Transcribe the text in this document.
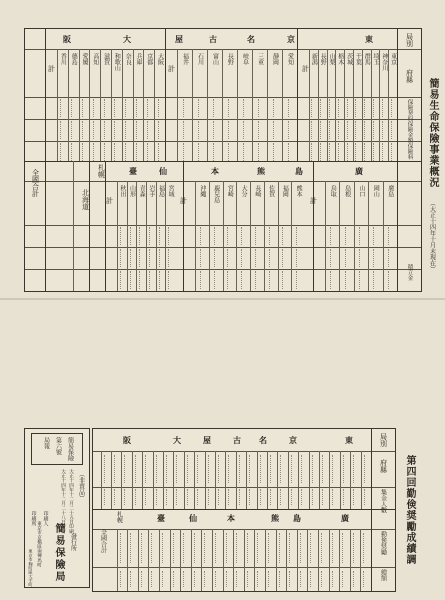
局別
府縣
保險契約
保險金額
保險料
積立金
東
京
名
古
屋
大
阪
廣
島
熊
本
仙
臺
札幌
計
計
計
計
計
計
北海道
全國合計
東京
神奈川
埼玉
群馬
千葉
茨城
栃木
山梨
長野
新潟
愛知
靜岡
三重
岐阜
長野
富山
石川
福井
大阪
京都
兵庫
奈良
和歌山
滋賀
高知
愛媛
德島
香川
廣島
岡山
山口
島根
鳥取
熊本
福岡
佐賀
長崎
大分
宮崎
鹿兒島
沖繩
宮城
福島
岩手
青森
山形
秋田
簡易生命保險事業概況
（大正十四年十月末現在）
局別
府縣
集金人數
勤倹奨勵
總額
東
京
名
古
屋
大
阪
廣
島
熊
本
仙
臺
札幌
全國合計	第四回勤倹奨勵成績調
簡易保險
第六號
局報
（非賣品）
大正十四年十二月二十五日印刷
大正十四年十二月二十八日發行
發行所
簡易保險局
印刷人
東京市京橋區南傳馬町
印刷所
東京市麴町區大手町
